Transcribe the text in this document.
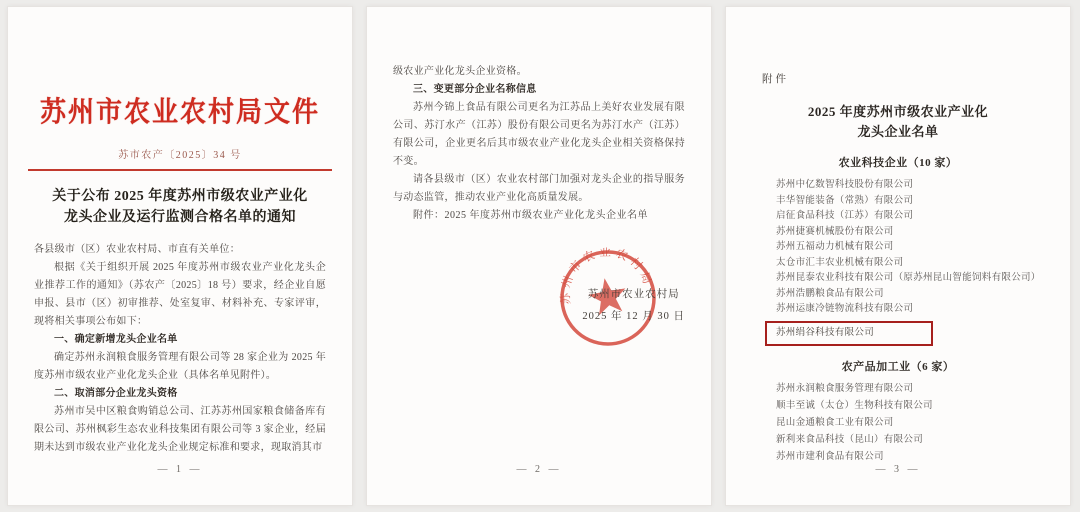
苏州市农业农村局文件
苏市农产〔2025〕34 号
关于公布 2025 年度苏州市级农业产业化
龙头企业及运行监测合格名单的通知

各县级市（区）农业农村局、市直有关单位：

根据《关于组织开展 2025 年度苏州市级农业产业化龙头企业推荐工作的通知》（苏农产〔2025〕18 号）要求，经企业自愿申报、县市（区）初审推荐、处室复审、材料补充、专家评审，现将相关事项公布如下：

一、确定新增龙头企业名单

确定苏州永润粮食服务管理有限公司等 28 家企业为 2025 年度苏州市级农业产业化龙头企业（具体名单见附件）。

二、取消部分企业龙头资格

苏州市吴中区粮食购销总公司、江苏苏州国家粮食储备库有限公司、苏州枫彩生态农业科技集团有限公司等 3 家企业，经届期未达到市级农业产业化龙头企业规定标准和要求，现取消其市

— 1 —

级农业产业化龙头企业资格。

三、变更部分企业名称信息

苏州今锦上食品有限公司更名为江苏品上美好农业发展有限公司、苏汀水产（江苏）股份有限公司更名为苏汀水产（江苏）有限公司，企业更名后其市级农业产业化龙头企业相关资格保持不变。

请各县级市（区）农业农村部门加强对龙头企业的指导服务与动态监管，推动农业产业化高质量发展。

附件：2025 年度苏州市级农业产业化龙头企业名单

苏州市农业农村局
苏州市农业农村局
2025 年 12 月 30 日
— 2 —
附件
2025 年度苏州市级农业产业化
龙头企业名单
农业科技企业（10 家）
苏州中亿数智科技股份有限公司
丰华智能装备（常熟）有限公司
启征食品科技（江苏）有限公司
苏州捷赛机械股份有限公司
苏州五福动力机械有限公司
太仓市汇丰农业机械有限公司
苏州昆泰农业科技有限公司（原苏州昆山智能饲料有限公司）
苏州浩鹏粮食品有限公司
苏州运康冷链物流科技有限公司
苏州绢谷科技有限公司
农产品加工业（6 家）
苏州永润粮食服务管理有限公司
顺丰至诚（太仓）生物科技有限公司
昆山金通粮食工业有限公司
新利来食品科技（昆山）有限公司
苏州市建利食品有限公司
— 3 —
